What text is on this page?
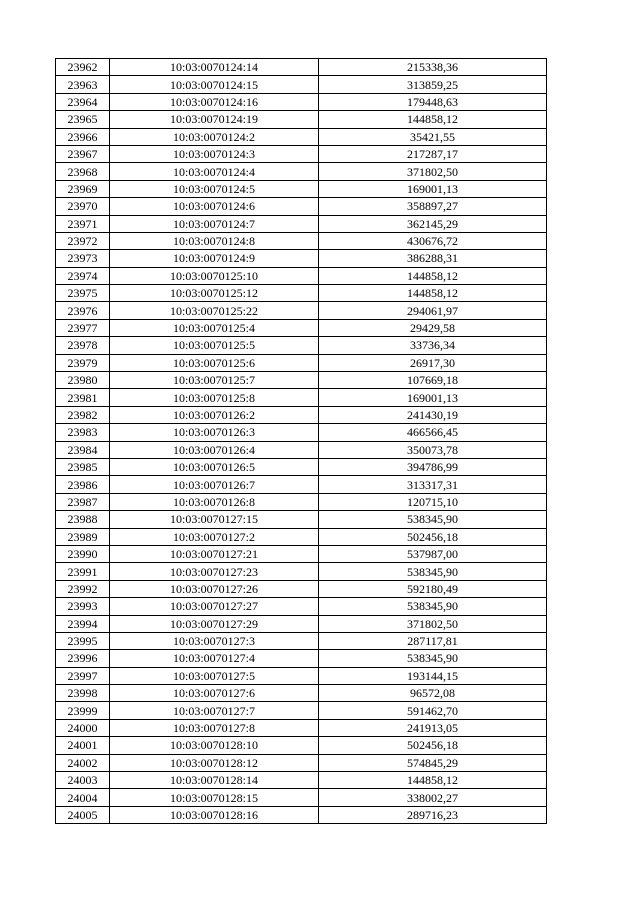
23962	10:03:0070124:14	215338,36
23963	10:03:0070124:15	313859,25
23964	10:03:0070124:16	179448,63
23965	10:03:0070124:19	144858,12
23966	10:03:0070124:2	35421,55
23967	10:03:0070124:3	217287,17
23968	10:03:0070124:4	371802,50
23969	10:03:0070124:5	169001,13
23970	10:03:0070124:6	358897,27
23971	10:03:0070124:7	362145,29
23972	10:03:0070124:8	430676,72
23973	10:03:0070124:9	386288,31
23974	10:03:0070125:10	144858,12
23975	10:03:0070125:12	144858,12
23976	10:03:0070125:22	294061,97
23977	10:03:0070125:4	29429,58
23978	10:03:0070125:5	33736,34
23979	10:03:0070125:6	26917,30
23980	10:03:0070125:7	107669,18
23981	10:03:0070125:8	169001,13
23982	10:03:0070126:2	241430,19
23983	10:03:0070126:3	466566,45
23984	10:03:0070126:4	350073,78
23985	10:03:0070126:5	394786,99
23986	10:03:0070126:7	313317,31
23987	10:03:0070126:8	120715,10
23988	10:03:0070127:15	538345,90
23989	10:03:0070127:2	502456,18
23990	10:03:0070127:21	537987,00
23991	10:03:0070127:23	538345,90
23992	10:03:0070127:26	592180,49
23993	10:03:0070127:27	538345,90
23994	10:03:0070127:29	371802,50
23995	10:03:0070127:3	287117,81
23996	10:03:0070127:4	538345,90
23997	10:03:0070127:5	193144,15
23998	10:03:0070127:6	96572,08
23999	10:03:0070127:7	591462,70
24000	10:03:0070127:8	241913,05
24001	10:03:0070128:10	502456,18
24002	10:03:0070128:12	574845,29
24003	10:03:0070128:14	144858,12
24004	10:03:0070128:15	338002,27
24005	10:03:0070128:16	289716,23
